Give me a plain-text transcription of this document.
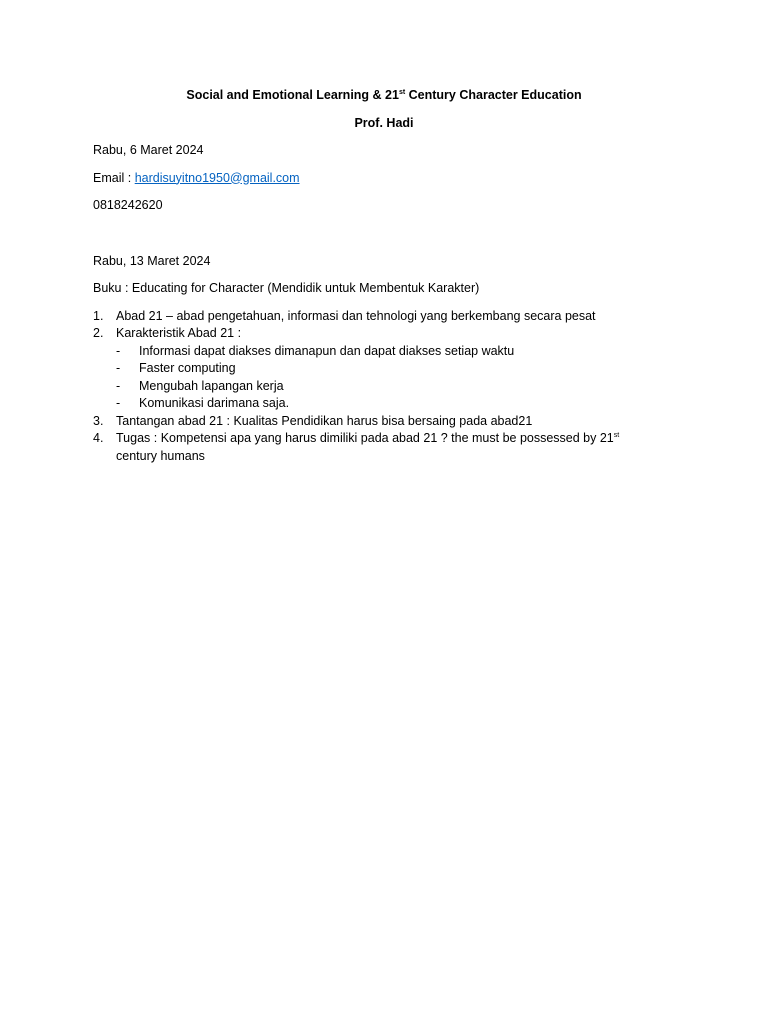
Social and Emotional Learning & 21st Century Character Education
Prof. Hadi
Rabu, 6 Maret 2024
Email : hardisuyitno1950@gmail.com
0818242620
Rabu, 13 Maret 2024
Buku : Educating for Character (Mendidik untuk Membentuk Karakter)
1. Abad 21 – abad pengetahuan, informasi dan tehnologi yang berkembang secara pesat
2. Karakteristik Abad 21 :
- Informasi dapat diakses dimanapun dan dapat diakses setiap waktu
- Faster computing
- Mengubah lapangan kerja
- Komunikasi darimana saja.
3. Tantangan abad 21 : Kualitas Pendidikan harus bisa bersaing pada abad21
4. Tugas : Kompetensi apa yang harus dimiliki pada abad 21 ? the must be possessed by 21st century humans
